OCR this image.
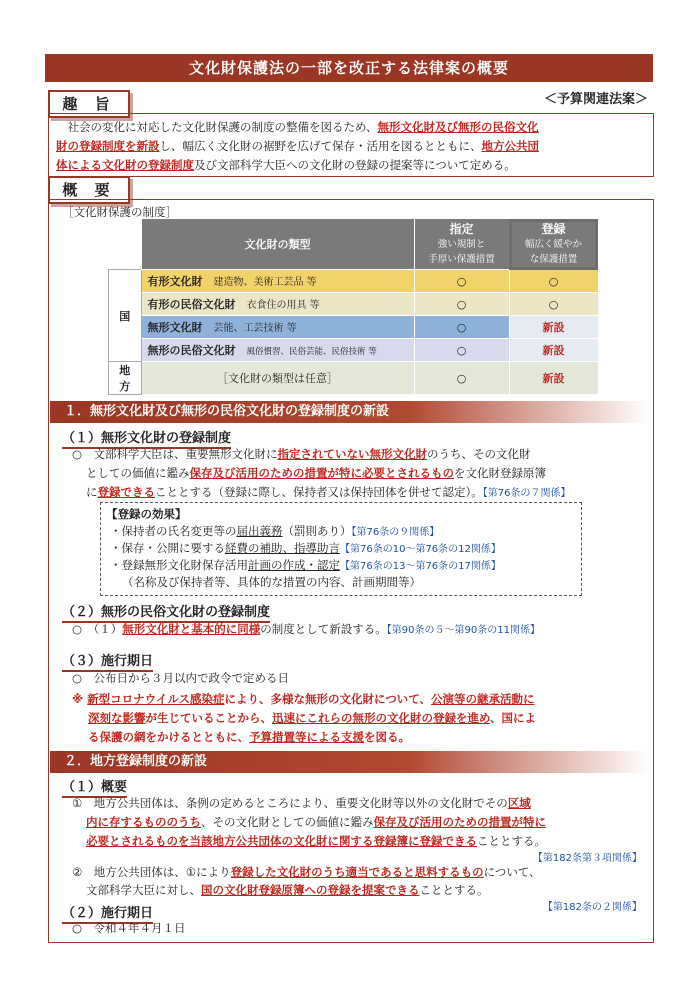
文化財保護法の一部を改正する法律案の概要
＜予算関連法案＞
趣 旨
　社会の変化に対応した文化財保護の制度の整備を図るため、無形文化財及び無形の民俗文化
財の登録制度を新設し、幅広く文化財の裾野を広げて保存・活用を図るとともに、地方公共団
体による文化財の登録制度及び文部科学大臣への文化財の登録の提案等について定める。
概 要
［文化財保護の制度］
	文化財の類型	指定
強い規制と
手厚い保護措置	登録
幅広く緩やか
な保護措置
国	有形文化財　 建造物、美術工芸品 等	○	○
	有形の民俗文化財　 衣食住の用具 等	○	○
	無形文化財　 芸能、工芸技術 等	○	新設
	無形の民俗文化財　 風俗慣習、民俗芸能、民俗技術 等	○	新設
地方	［文化財の類型は任意］	○	新設
１．無形文化財及び無形の民俗文化財の登録制度の新設
（１）無形文化財の登録制度
○　文部科学大臣は、重要無形文化財に指定されていない無形文化財のうち、その文化財
としての価値に鑑み保存及び活用のための措置が特に必要とされるものを文化財登録原簿
に登録できることとする（登録に際し、保持者又は保持団体を併せて認定）。【第76条の７関係】
【登録の効果】
・保持者の氏名変更等の届出義務（罰則あり）【第76条の９関係】
・保存・公開に要する経費の補助、指導助言【第76条の10～第76条の12関係】
・登録無形文化財保存活用計画の作成・認定【第76条の13～第76条の17関係】
（名称及び保持者等、具体的な措置の内容、計画期間等）
（２）無形の民俗文化財の登録制度
○　（１）無形文化財と基本的に同様の制度として新設する。【第90条の５～第90条の11関係】
（３）施行期日
○　公布日から３月以内で政令で定める日
※ 新型コロナウイルス感染症により、多様な無形の文化財について、公演等の継承活動に
深刻な影響が生じていることから、迅速にこれらの無形の文化財の登録を進め、国によ
る保護の網をかけるとともに、予算措置等による支援を図る。
２．地方登録制度の新設
（１）概要
①　地方公共団体は、条例の定めるところにより、重要文化財等以外の文化財でその区域
内に存するもののうち、その文化財としての価値に鑑み保存及び活用のための措置が特に
必要とされるものを当該地方公共団体の文化財に関する登録簿に登録できることとする。
【第182条第３項関係】
②　地方公共団体は、①により登録した文化財のうち適当であると思料するものについて、
文部科学大臣に対し、国の文化財登録原簿への登録を提案できることとする。
【第182条の２関係】
（２）施行期日
○　令和４年４月１日
